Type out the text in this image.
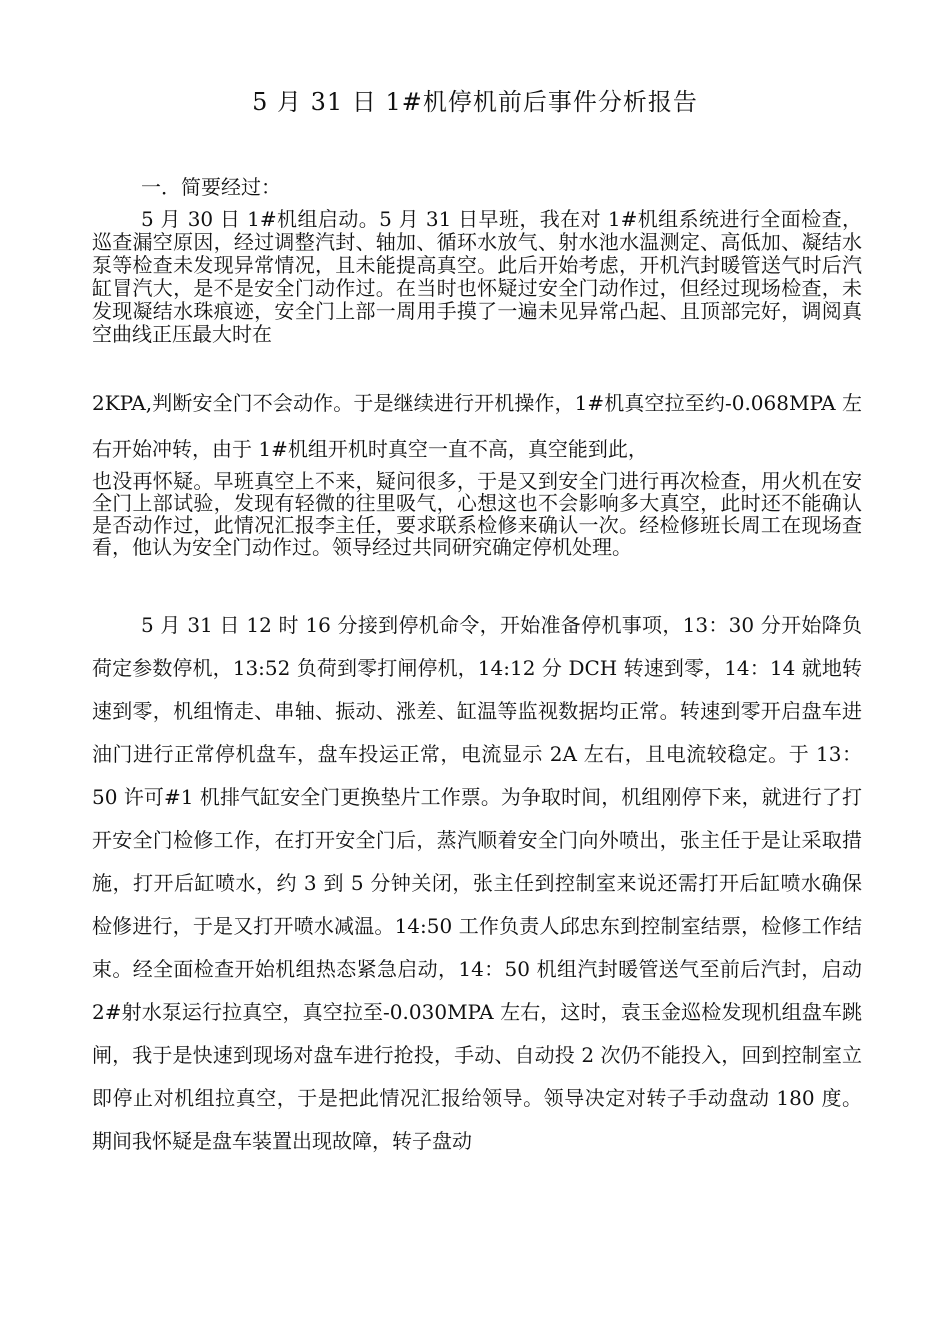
5 月 31 日 1#机停机前后事件分析报告
一．简要经过：

5 月 30 日 1#机组启动。5 月 31 日早班，我在对 1#机组系统进行全面检查，巡查漏空原因，经过调整汽封、轴加、循环水放气、射水池水温测定、高低加、凝结水泵等检查未发现异常情况，且未能提高真空。此后开始考虑，开机汽封暖管送气时后汽缸冒汽大，是不是安全门动作过。在当时也怀疑过安全门动作过，但经过现场检查，未发现凝结水珠痕迹，安全门上部一周用手摸了一遍未见异常凸起、且顶部完好，调阅真空曲线正压最大时在

2KPA,判断安全门不会动作。于是继续进行开机操作，1#机真空拉至约-0.068MPA 左右开始冲转，由于 1#机组开机时真空一直不高，真空能到此，

也没再怀疑。早班真空上不来，疑问很多，于是又到安全门进行再次检查，用火机在安全门上部试验，发现有轻微的往里吸气，心想这也不会影响多大真空，此时还不能确认是否动作过，此情况汇报李主任，要求联系检修来确认一次。经检修班长周工在现场查看，他认为安全门动作过。领导经过共同研究确定停机处理。

5 月 31 日 12 时 16 分接到停机命令，开始准备停机事项，13：30 分开始降负荷定参数停机，13:52 负荷到零打闸停机，14:12 分 DCH 转速到零，14：14 就地转速到零，机组惰走、串轴、振动、涨差、缸温等监视数据均正常。转速到零开启盘车进油门进行正常停机盘车，盘车投运正常，电流显示 2A 左右，且电流较稳定。于 13：50 许可#1 机排气缸安全门更换垫片工作票。为争取时间，机组刚停下来，就进行了打开安全门检修工作，在打开安全门后，蒸汽顺着安全门向外喷出，张主任于是让采取措施，打开后缸喷水，约 3 到 5 分钟关闭，张主任到控制室来说还需打开后缸喷水确保检修进行，于是又打开喷水减温。14:50 工作负责人邱忠东到控制室结票，检修工作结束。经全面检查开始机组热态紧急启动，14：50 机组汽封暖管送气至前后汽封，启动 2#射水泵运行拉真空，真空拉至-0.030MPA 左右，这时，袁玉金巡检发现机组盘车跳闸，我于是快速到现场对盘车进行抢投，手动、自动投 2 次仍不能投入，回到控制室立即停止对机组拉真空，于是把此情况汇报给领导。领导决定对转子手动盘动 180 度。期间我怀疑是盘车装置出现故障，转子盘动
